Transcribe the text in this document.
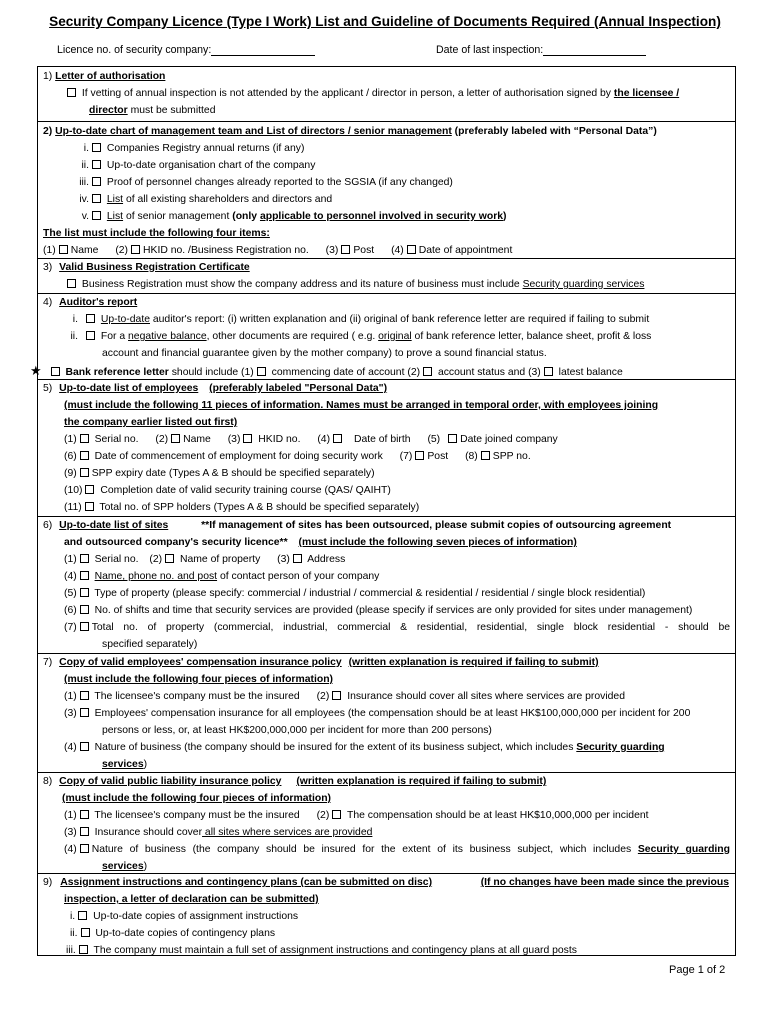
Security Company Licence (Type I Work) List and Guideline of Documents Required (Annual Inspection)
Licence no. of security company:	Date of last inspection:
1) Letter of authorisation
If vetting of annual inspection is not attended by the applicant / director in person, a letter of authorisation signed by the licensee /
director must be submitted
2) Up-to-date chart of management team and List of directors / senior management (preferably labeled with “Personal Data”)
i. Companies Registry annual returns (if any)
ii. Up-to-date organisation chart of the company
iii. Proof of personnel changes already reported to the SGSIA (if any changed)
iv. List of all existing shareholders and directors and
v. List of senior management (only applicable to personnel involved in security work)
The list must include the following four items:
(1) Name (2) HKID no. /Business Registration no. (3) Post (4) Date of appointment
3) Valid Business Registration Certificate
Business Registration must show the company address and its nature of business must include Security guarding services
4) Auditor's report
i. Up-to-date auditor's report: (i) written explanation and (ii) original of bank reference letter are required if failing to submit
ii. For a negative balance, other documents are required ( e.g. original of bank reference letter, balance sheet, profit & loss
account and financial guarantee given by the mother company) to prove a sound financial status.
★ Bank reference letter should include (1) commencing date of account (2) account status and (3) latest balance
5) Up-to-date list of employees (preferably labeled "Personal Data")
(must include the following 11 pieces of information. Names must be arranged in temporal order, with employees joining
the company earlier listed out first)
(1) Serial no. (2) Name (3) HKID no. (4) Date of birth (5) Date joined company
(6) Date of commencement of employment for doing security work (7) Post (8) SPP no.
(9) SPP expiry date (Types A & B should be specified separately)
(10) Completion date of valid security training course (QAS/ QAIHT)
(11) Total no. of SPP holders (Types A & B should be specified separately)
6) Up-to-date list of sites	**If management of sites has been outsourced, please submit copies of outsourcing agreement
and outsourced company's security licence** (must include the following seven pieces of information)
(1) Serial no. (2) Name of property (3) Address
(4) Name, phone no. and post of contact person of your company
(5) Type of property (please specify: commercial / industrial / commercial & residential / residential / single block residential)
(6) No. of shifts and time that security services are provided (please specify if services are only provided for sites under management)
(7) Total no. of property (commercial, industrial, commercial & residential, residential, single block residential - should be
specified separately)
7) Copy of valid employees' compensation insurance policy (written explanation is required if failing to submit)
(must include the following four pieces of information)
(1) The licensee's company must be the insured (2) Insurance should cover all sites where services are provided
(3) Employees' compensation insurance for all employees (the compensation should be at least HK$100,000,000 per incident for 200
persons or less, or, at least HK$200,000,000 per incident for more than 200 persons)
(4) Nature of business (the company should be insured for the extent of its business subject, which includes Security guarding
services)
8) Copy of valid public liability insurance policy (written explanation is required if failing to submit)
(must include the following four pieces of information)
(1) The licensee's company must be the insured (2) The compensation should be at least HK$10,000,000 per incident
(3) Insurance should cover all sites where services are provided
(4) Nature of business (the company should be insured for the extent of its business subject, which includes Security guarding
services)
9) Assignment instructions and contingency plans (can be submitted on disc)	(If no changes have been made since the previous
inspection, a letter of declaration can be submitted)
i. Up-to-date copies of assignment instructions
ii. Up-to-date copies of contingency plans
iii. The company must maintain a full set of assignment instructions and contingency plans at all guard posts
Page 1 of 2
